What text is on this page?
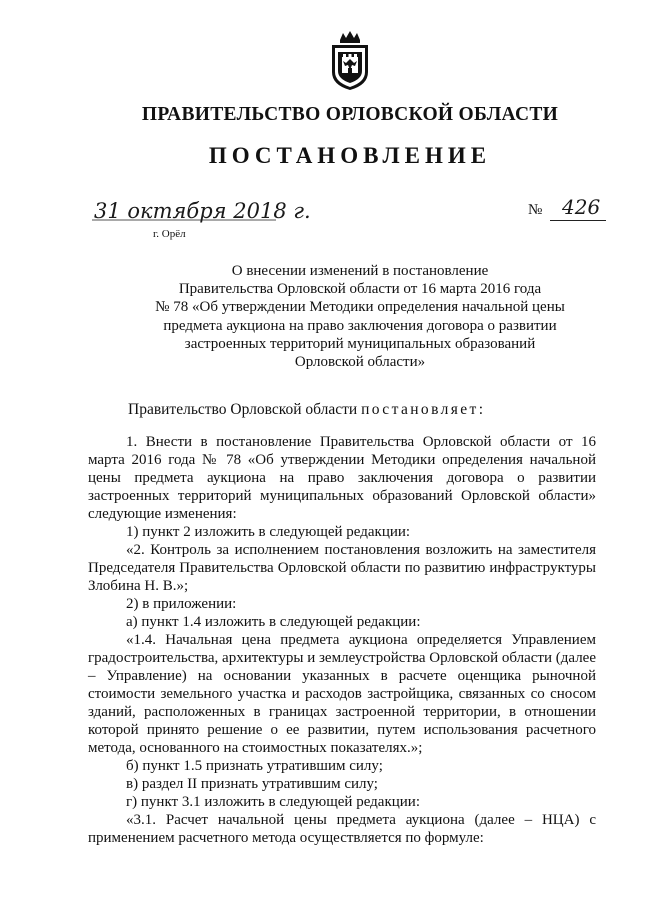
ПРАВИТЕЛЬСТВО ОРЛОВСКОЙ ОБЛАСТИ
ПОСТАНОВЛЕНИЕ
31 октября 2018 г.
г. Орёл
№ 426
О внесении изменений в постановление
Правительства Орловской области от 16 марта 2016 года
№ 78 «Об утверждении Методики определения начальной цены
предмета аукциона на право заключения договора о развитии
застроенных территорий муниципальных образований
Орловской области»
Правительство Орловской области постановляет:

1. Внести в постановление Правительства Орловской области от 16 марта 2016 года № 78 «Об утверждении Методики определения начальной цены предмета аукциона на право заключения договора о развитии застроенных территорий муниципальных образований Орловской области» следующие изменения:

1) пункт 2 изложить в следующей редакции:

«2. Контроль за исполнением постановления возложить на заместителя Председателя Правительства Орловской области по развитию инфраструктуры Злобина Н. В.»;

2) в приложении:

а) пункт 1.4 изложить в следующей редакции:

«1.4. Начальная цена предмета аукциона определяется Управлением градостроительства, архитектуры и землеустройства Орловской области (далее – Управление) на основании указанных в расчете оценщика рыночной стоимости земельного участка и расходов застройщика, связанных со сносом зданий, расположенных в границах застроенной территории, в отношении которой принято решение о ее развитии, путем использования расчетного метода, основанного на стоимостных показателях.»;

б) пункт 1.5 признать утратившим силу;

в) раздел II признать утратившим силу;

г) пункт 3.1 изложить в следующей редакции:

«3.1. Расчет начальной цены предмета аукциона (далее – НЦА) с применением расчетного метода осуществляется по формуле:
